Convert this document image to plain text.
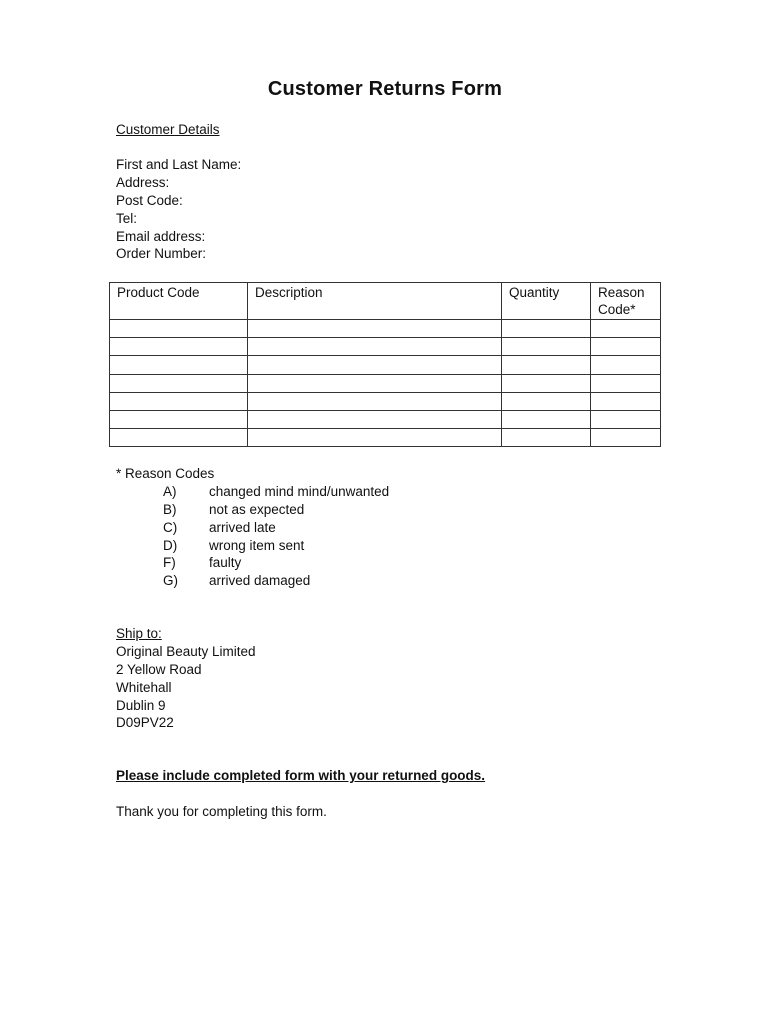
Customer Returns Form
Customer Details
First and Last Name:
Address:
Post Code:
Tel:
Email address:
Order Number:
Product Code	Description	Quantity	Reason Code*

* Reason Codes
A) changed mind mind/unwanted
B) not as expected
C) arrived late
D) wrong item sent
F) faulty
G) arrived damaged
Ship to:
Original Beauty Limited
2 Yellow Road
Whitehall
Dublin 9
D09PV22
Please include completed form with your returned goods.
Thank you for completing this form.
